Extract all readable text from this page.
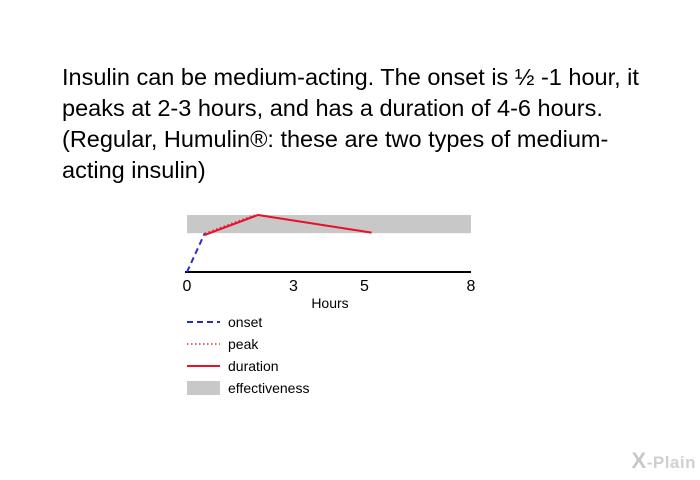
Insulin can be medium-acting. The onset is ½ -1 hour, it peaks at 2-3 hours, and has a duration of 4-6 hours. (Regular, Humulin®: these are two types of medium-acting insulin)

0	3	5	8
Hours
onset
peak
duration
effectiveness
X-Plain
